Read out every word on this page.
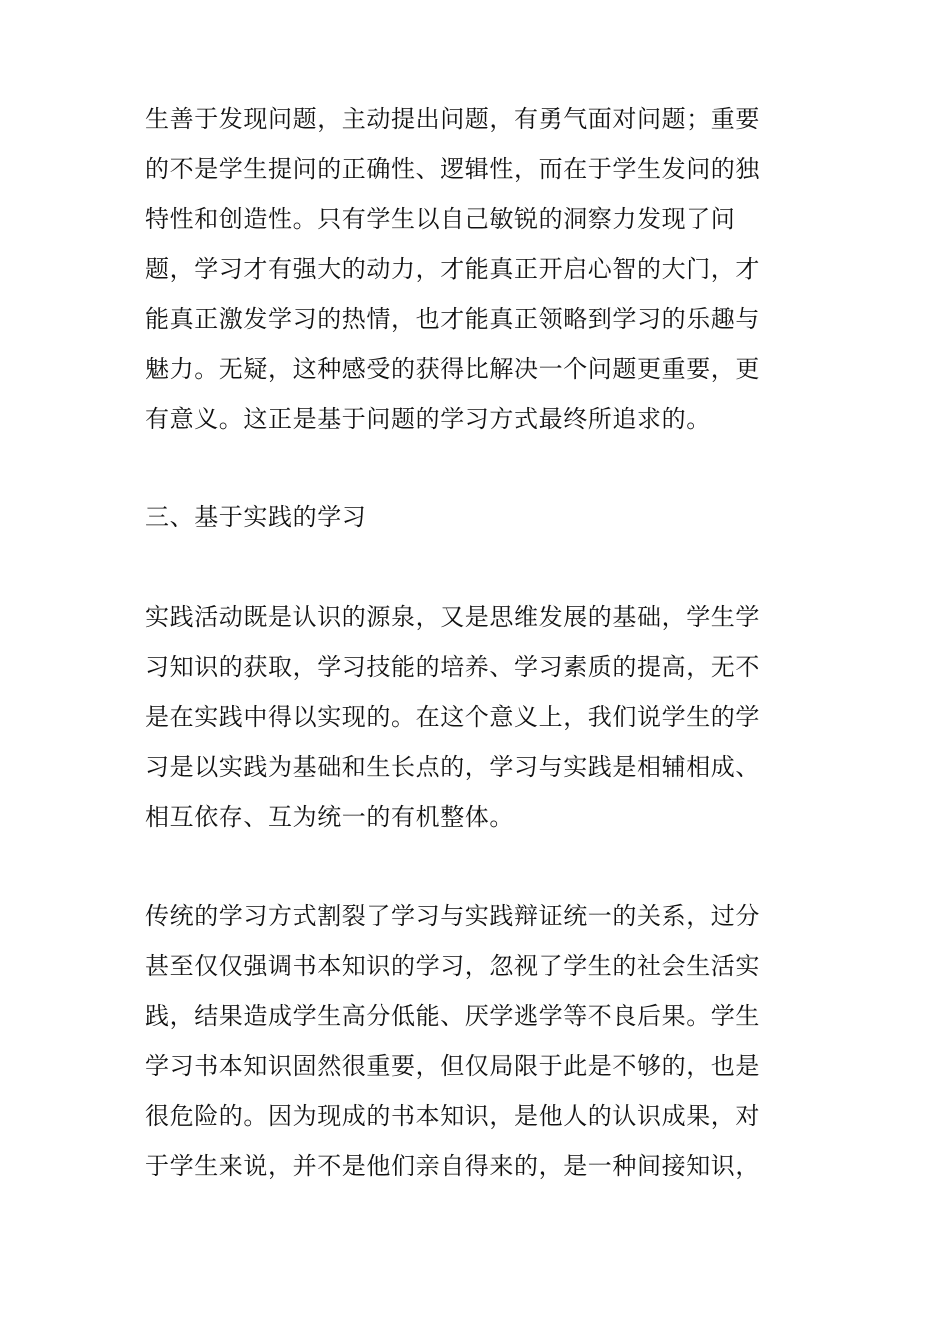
生善于发现问题，主动提出问题，有勇气面对问题；重要
的不是学生提问的正确性、逻辑性，而在于学生发问的独
特性和创造性。只有学生以自己敏锐的洞察力发现了问
题，学习才有强大的动力，才能真正开启心智的大门，才
能真正激发学习的热情，也才能真正领略到学习的乐趣与
魅力。无疑，这种感受的获得比解决一个问题更重要，更
有意义。这正是基于问题的学习方式最终所追求的。
三、基于实践的学习
实践活动既是认识的源泉，又是思维发展的基础，学生学
习知识的获取，学习技能的培养、学习素质的提高，无不
是在实践中得以实现的。在这个意义上，我们说学生的学
习是以实践为基础和生长点的，学习与实践是相辅相成、
相互依存、互为统一的有机整体。
传统的学习方式割裂了学习与实践辩证统一的关系，过分
甚至仅仅强调书本知识的学习，忽视了学生的社会生活实
践，结果造成学生高分低能、厌学逃学等不良后果。学生
学习书本知识固然很重要，但仅局限于此是不够的，也是
很危险的。因为现成的书本知识，是他人的认识成果，对
于学生来说，并不是他们亲自得来的，是一种间接知识，
